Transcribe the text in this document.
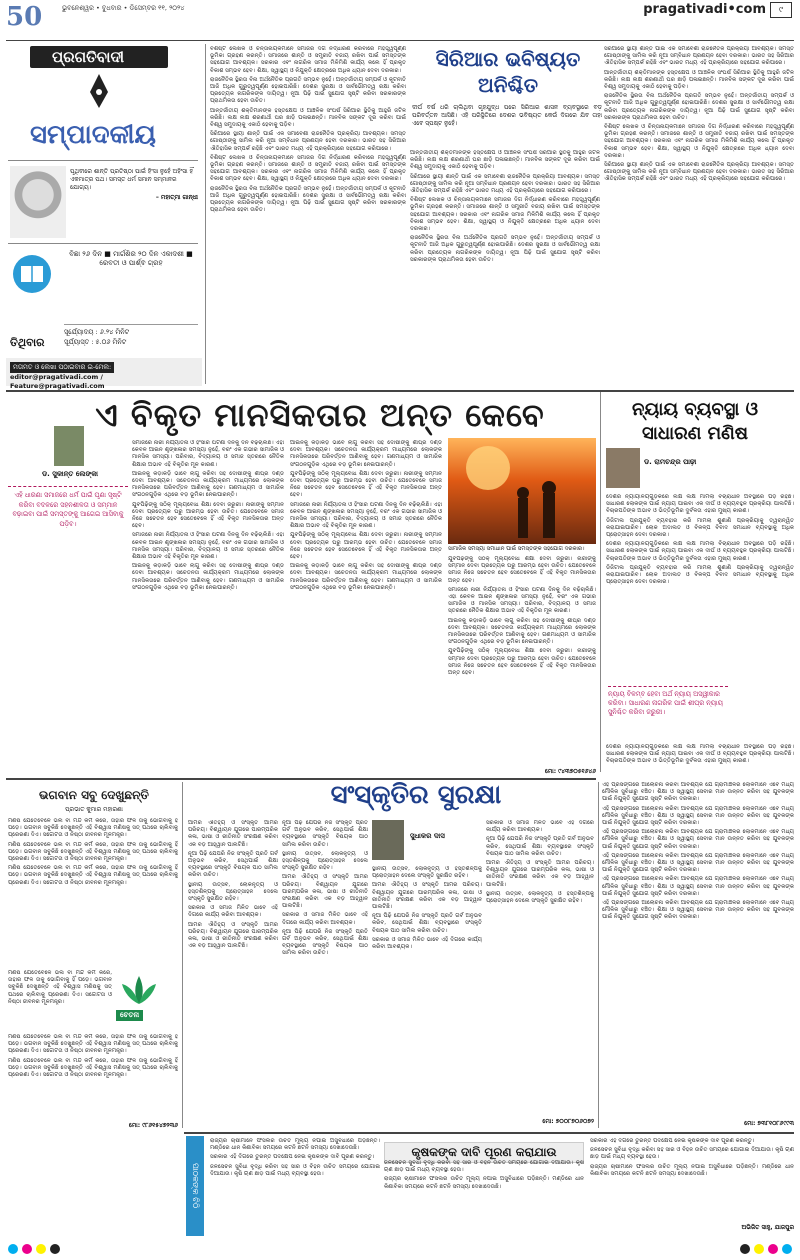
50	ଭୁବନେଶ୍ୱର • ବୁଧବାର • ଡିସେମ୍ବର ୧୧, ୨୦୨୪	pragativadi•com	୯
ପ୍ରଗତିବାଦୀ
ସମ୍ପାଦକୀୟ
ପୃଥିବୀରେ ଶାନ୍ତି ପ୍ରତିଷ୍ଠା ପାଇଁ ହିଂସା ନୁହେଁ ଅହିଂସା ହିଁ ଏକମାତ୍ର ପଥ। ସମସ୍ତ ଧର୍ମ ସମାନ ସମ୍ମାନର ଯୋଗ୍ୟ।
– ମହାତ୍ମା ଗାନ୍ଧୀ
ତିଥିବାର
ବିଛା ୨୬ ଦିନ ■ ମାର୍ଗଶିର ୨୦ ଦିନ ଏକାଦଶୀ ■ ରେବତୀ ଓ ପାର୍ଶ୍ଵ ଗ୍ରହ
ସୂର୍ଯ୍ୟୋଦୟ : ୬.୨୪ ମିନିଟ
ସୂର୍ଯ୍ୟାସ୍ତ : ୫.୦୬ ମିନିଟ
ମତାମତ ଓ ଲେଖା ପଠାଇବାର ଇ-ମେଲ:
editor@pragativadi.com / Feature@pragativadi.com

ବିଶିଷ୍ଟ ଲେଖକ ଓ ଚିନ୍ତାନାୟକମାନେ ସମାଜର ଦିଗ ନିର୍ଦ୍ଧାରଣ କରିବାରେ ମହତ୍ତ୍ୱପୂର୍ଣ୍ଣ ଭୂମିକା ଗ୍ରହଣ କରନ୍ତି। ସମାଜରେ ଶାନ୍ତି ଓ ସମ୍ପ୍ରୀତି ବଜାୟ ରଖିବା ପାଇଁ ସମସ୍ତଙ୍କ ସହଯୋଗ ଆବଶ୍ୟକ। ସରକାର ଏବଂ ନାଗରିକ ସମାଜ ମିଳିମିଶି କାର୍ଯ୍ୟ କଲେ ହିଁ ପ୍ରକୃତ ବିକାଶ ସମ୍ଭବ ହେବ। ଶିକ୍ଷା, ସ୍ୱାସ୍ଥ୍ୟ ଓ ନିଯୁକ୍ତି କ୍ଷେତ୍ରରେ ଅଧିକ ଧ୍ୟାନ ଦେବା ଦରକାର।

ରାଜନୈତିକ ସ୍ଥିରତା ବିନା ଅର୍ଥନୈତିକ ପ୍ରଗତି ସମ୍ଭବ ନୁହେଁ। ଅନ୍ତର୍ଜାତୀୟ ସମ୍ପର୍କ ଓ କୂଟନୀତି ଆଜି ଅଧିକ ଗୁରୁତ୍ୱପୂର୍ଣ୍ଣ ହୋଇପାରିଛି। ଦେଶର ସୁରକ୍ଷା ଓ ସାର୍ବଭୌମତ୍ୱ ରକ୍ଷା କରିବା ପ୍ରତ୍ୟେକ ନାଗରିକଙ୍କ ଦାୟିତ୍ୱ। ନୂଆ ପିଢ଼ି ପାଇଁ ସୁଯୋଗ ସୃଷ୍ଟି କରିବା ସରକାରଙ୍କ ପ୍ରାଥମିକତା ହେବା ଉଚିତ।

ଆନ୍ତର୍ଜାତୀୟ ଶକ୍ତିମାନଙ୍କ ହସ୍ତକ୍ଷେପ ଓ ଆଞ୍ଚଳିକ ସଂଘର୍ଷ ସିରିଆର ସ୍ଥିତିକୁ ଆହୁରି ଜଟିଳ କରିଛି। ଲକ୍ଷ ଲକ୍ଷ ଶରଣାର୍ଥୀ ଘର ଛାଡ଼ି ପଳାଇଛନ୍ତି। ମାନବିକ ସଙ୍କଟ ଦୂର କରିବା ପାଇଁ ବିଶ୍ୱ ସମୁଦାୟକୁ ଏକାଠି ହେବାକୁ ପଡ଼ିବ।

ସିରିଆରେ ସ୍ଥାୟୀ ଶାନ୍ତି ପାଇଁ ଏକ ସମାବେଶୀ ରାଜନୈତିକ ପ୍ରକ୍ରିୟା ଆବଶ୍ୟକ। ସମସ୍ତ ଗୋଷ୍ଠୀଙ୍କୁ ସାମିଲ କରି ନୂଆ ସମ୍ବିଧାନ ପ୍ରଣୟନ ହେବା ଦରକାର। ଭାରତ ସହ ସିରିଆର ଐତିହାସିକ ସମ୍ପର୍କ ରହିଛି ଏବଂ ଭାରତ ମଧ୍ୟ ଏହି ପ୍ରକ୍ରିୟାରେ ସହଯୋଗ କରିପାରେ।

ବିଶିଷ୍ଟ ଲେଖକ ଓ ଚିନ୍ତାନାୟକମାନେ ସମାଜର ଦିଗ ନିର୍ଦ୍ଧାରଣ କରିବାରେ ମହତ୍ତ୍ୱପୂର୍ଣ୍ଣ ଭୂମିକା ଗ୍ରହଣ କରନ୍ତି। ସମାଜରେ ଶାନ୍ତି ଓ ସମ୍ପ୍ରୀତି ବଜାୟ ରଖିବା ପାଇଁ ସମସ୍ତଙ୍କ ସହଯୋଗ ଆବଶ୍ୟକ। ସରକାର ଏବଂ ନାଗରିକ ସମାଜ ମିଳିମିଶି କାର୍ଯ୍ୟ କଲେ ହିଁ ପ୍ରକୃତ ବିକାଶ ସମ୍ଭବ ହେବ। ଶିକ୍ଷା, ସ୍ୱାସ୍ଥ୍ୟ ଓ ନିଯୁକ୍ତି କ୍ଷେତ୍ରରେ ଅଧିକ ଧ୍ୟାନ ଦେବା ଦରକାର।

ରାଜନୈତିକ ସ୍ଥିରତା ବିନା ଅର୍ଥନୈତିକ ପ୍ରଗତି ସମ୍ଭବ ନୁହେଁ। ଅନ୍ତର୍ଜାତୀୟ ସମ୍ପର୍କ ଓ କୂଟନୀତି ଆଜି ଅଧିକ ଗୁରୁତ୍ୱପୂର୍ଣ୍ଣ ହୋଇପାରିଛି। ଦେଶର ସୁରକ୍ଷା ଓ ସାର୍ବଭୌମତ୍ୱ ରକ୍ଷା କରିବା ପ୍ରତ୍ୟେକ ନାଗରିକଙ୍କ ଦାୟିତ୍ୱ। ନୂଆ ପିଢ଼ି ପାଇଁ ସୁଯୋଗ ସୃଷ୍ଟି କରିବା ସରକାରଙ୍କ ପ୍ରାଥମିକତା ହେବା ଉଚିତ।

ସିରିଆର ଭବିଷ୍ୟତ ଅନିଶ୍ଚିତ
ଦୀର୍ଘ ବର୍ଷ ଧରି ଚାଲିଥିବା ଗୃହଯୁଦ୍ଧ ପରେ ସିରିଆର ଶାସନ ବ୍ୟବସ୍ଥାରେ ବଡ଼ ପରିବର୍ତ୍ତନ ଆସିଛି। ଏହି ପରିସ୍ଥିତିରେ ଦେଶର ଭବିଷ୍ୟତ କେଉଁ ଦିଗରେ ଯିବ ତାହା ଏବେ ସ୍ପଷ୍ଟ ନୁହେଁ।

ଆନ୍ତର୍ଜାତୀୟ ଶକ୍ତିମାନଙ୍କ ହସ୍ତକ୍ଷେପ ଓ ଆଞ୍ଚଳିକ ସଂଘର୍ଷ ସିରିଆର ସ୍ଥିତିକୁ ଆହୁରି ଜଟିଳ କରିଛି। ଲକ୍ଷ ଲକ୍ଷ ଶରଣାର୍ଥୀ ଘର ଛାଡ଼ି ପଳାଇଛନ୍ତି। ମାନବିକ ସଙ୍କଟ ଦୂର କରିବା ପାଇଁ ବିଶ୍ୱ ସମୁଦାୟକୁ ଏକାଠି ହେବାକୁ ପଡ଼ିବ।

ସିରିଆରେ ସ୍ଥାୟୀ ଶାନ୍ତି ପାଇଁ ଏକ ସମାବେଶୀ ରାଜନୈତିକ ପ୍ରକ୍ରିୟା ଆବଶ୍ୟକ। ସମସ୍ତ ଗୋଷ୍ଠୀଙ୍କୁ ସାମିଲ କରି ନୂଆ ସମ୍ବିଧାନ ପ୍ରଣୟନ ହେବା ଦରକାର। ଭାରତ ସହ ସିରିଆର ଐତିହାସିକ ସମ୍ପର୍କ ରହିଛି ଏବଂ ଭାରତ ମଧ୍ୟ ଏହି ପ୍ରକ୍ରିୟାରେ ସହଯୋଗ କରିପାରେ।

ବିଶିଷ୍ଟ ଲେଖକ ଓ ଚିନ୍ତାନାୟକମାନେ ସମାଜର ଦିଗ ନିର୍ଦ୍ଧାରଣ କରିବାରେ ମହତ୍ତ୍ୱପୂର୍ଣ୍ଣ ଭୂମିକା ଗ୍ରହଣ କରନ୍ତି। ସମାଜରେ ଶାନ୍ତି ଓ ସମ୍ପ୍ରୀତି ବଜାୟ ରଖିବା ପାଇଁ ସମସ୍ତଙ୍କ ସହଯୋଗ ଆବଶ୍ୟକ। ସରକାର ଏବଂ ନାଗରିକ ସମାଜ ମିଳିମିଶି କାର୍ଯ୍ୟ କଲେ ହିଁ ପ୍ରକୃତ ବିକାଶ ସମ୍ଭବ ହେବ। ଶିକ୍ଷା, ସ୍ୱାସ୍ଥ୍ୟ ଓ ନିଯୁକ୍ତି କ୍ଷେତ୍ରରେ ଅଧିକ ଧ୍ୟାନ ଦେବା ଦରକାର।

ରାଜନୈତିକ ସ୍ଥିରତା ବିନା ଅର୍ଥନୈତିକ ପ୍ରଗତି ସମ୍ଭବ ନୁହେଁ। ଅନ୍ତର୍ଜାତୀୟ ସମ୍ପର୍କ ଓ କୂଟନୀତି ଆଜି ଅଧିକ ଗୁରୁତ୍ୱପୂର୍ଣ୍ଣ ହୋଇପାରିଛି। ଦେଶର ସୁରକ୍ଷା ଓ ସାର୍ବଭୌମତ୍ୱ ରକ୍ଷା କରିବା ପ୍ରତ୍ୟେକ ନାଗରିକଙ୍କ ଦାୟିତ୍ୱ। ନୂଆ ପିଢ଼ି ପାଇଁ ସୁଯୋଗ ସୃଷ୍ଟି କରିବା ସରକାରଙ୍କ ପ୍ରାଥମିକତା ହେବା ଉଚିତ।

ସିରିଆରେ ସ୍ଥାୟୀ ଶାନ୍ତି ପାଇଁ ଏକ ସମାବେଶୀ ରାଜନୈତିକ ପ୍ରକ୍ରିୟା ଆବଶ୍ୟକ। ସମସ୍ତ ଗୋଷ୍ଠୀଙ୍କୁ ସାମିଲ କରି ନୂଆ ସମ୍ବିଧାନ ପ୍ରଣୟନ ହେବା ଦରକାର। ଭାରତ ସହ ସିରିଆର ଐତିହାସିକ ସମ୍ପର୍କ ରହିଛି ଏବଂ ଭାରତ ମଧ୍ୟ ଏହି ପ୍ରକ୍ରିୟାରେ ସହଯୋଗ କରିପାରେ।

ଆନ୍ତର୍ଜାତୀୟ ଶକ୍ତିମାନଙ୍କ ହସ୍ତକ୍ଷେପ ଓ ଆଞ୍ଚଳିକ ସଂଘର୍ଷ ସିରିଆର ସ୍ଥିତିକୁ ଆହୁରି ଜଟିଳ କରିଛି। ଲକ୍ଷ ଲକ୍ଷ ଶରଣାର୍ଥୀ ଘର ଛାଡ଼ି ପଳାଇଛନ୍ତି। ମାନବିକ ସଙ୍କଟ ଦୂର କରିବା ପାଇଁ ବିଶ୍ୱ ସମୁଦାୟକୁ ଏକାଠି ହେବାକୁ ପଡ଼ିବ।

ରାଜନୈତିକ ସ୍ଥିରତା ବିନା ଅର୍ଥନୈତିକ ପ୍ରଗତି ସମ୍ଭବ ନୁହେଁ। ଅନ୍ତର୍ଜାତୀୟ ସମ୍ପର୍କ ଓ କୂଟନୀତି ଆଜି ଅଧିକ ଗୁରୁତ୍ୱପୂର୍ଣ୍ଣ ହୋଇପାରିଛି। ଦେଶର ସୁରକ୍ଷା ଓ ସାର୍ବଭୌମତ୍ୱ ରକ୍ଷା କରିବା ପ୍ରତ୍ୟେକ ନାଗରିକଙ୍କ ଦାୟିତ୍ୱ। ନୂଆ ପିଢ଼ି ପାଇଁ ସୁଯୋଗ ସୃଷ୍ଟି କରିବା ସରକାରଙ୍କ ପ୍ରାଥମିକତା ହେବା ଉଚିତ।

ବିଶିଷ୍ଟ ଲେଖକ ଓ ଚିନ୍ତାନାୟକମାନେ ସମାଜର ଦିଗ ନିର୍ଦ୍ଧାରଣ କରିବାରେ ମହତ୍ତ୍ୱପୂର୍ଣ୍ଣ ଭୂମିକା ଗ୍ରହଣ କରନ୍ତି। ସମାଜରେ ଶାନ୍ତି ଓ ସମ୍ପ୍ରୀତି ବଜାୟ ରଖିବା ପାଇଁ ସମସ୍ତଙ୍କ ସହଯୋଗ ଆବଶ୍ୟକ। ସରକାର ଏବଂ ନାଗରିକ ସମାଜ ମିଳିମିଶି କାର୍ଯ୍ୟ କଲେ ହିଁ ପ୍ରକୃତ ବିକାଶ ସମ୍ଭବ ହେବ। ଶିକ୍ଷା, ସ୍ୱାସ୍ଥ୍ୟ ଓ ନିଯୁକ୍ତି କ୍ଷେତ୍ରରେ ଅଧିକ ଧ୍ୟାନ ଦେବା ଦରକାର।

ସିରିଆରେ ସ୍ଥାୟୀ ଶାନ୍ତି ପାଇଁ ଏକ ସମାବେଶୀ ରାଜନୈତିକ ପ୍ରକ୍ରିୟା ଆବଶ୍ୟକ। ସମସ୍ତ ଗୋଷ୍ଠୀଙ୍କୁ ସାମିଲ କରି ନୂଆ ସମ୍ବିଧାନ ପ୍ରଣୟନ ହେବା ଦରକାର। ଭାରତ ସହ ସିରିଆର ଐତିହାସିକ ସମ୍ପର୍କ ରହିଛି ଏବଂ ଭାରତ ମଧ୍ୟ ଏହି ପ୍ରକ୍ରିୟାରେ ସହଯୋଗ କରିପାରେ।

ଏ ବିକୃତ ମାନସିକତାର ଅନ୍ତ କେବେ
ଡ. ସୁକାନ୍ତ ଲେଙ୍କା
ଏହି ଧାରଣା ସମାଜରେ ଧର୍ମ ପାଇଁ ଘୃଣା ସୃଷ୍ଟି କରିବା ବଦଳରେ ସହନଶୀଳତା ଓ ସମ୍ମାନ ବଢ଼ାଇବା ପାଇଁ ସମସ୍ତଙ୍କୁ ଆଗେଇ ଆସିବାକୁ ପଡ଼ିବ।

ସମାଜରେ ନାରୀ ନିର୍ଯ୍ୟାତନା ଓ ହିଂସାର ଘଟଣା ଦିନକୁ ଦିନ ବଢ଼ିଚାଲିଛି। ଏହା କେବଳ ଆଇନ ଶୃଙ୍ଖଳାର ସମସ୍ୟା ନୁହେଁ, ବରଂ ଏକ ଗଭୀର ସାମାଜିକ ଓ ମାନସିକ ସମସ୍ୟା। ପରିବାର, ବିଦ୍ୟାଳୟ ଓ ସମାଜ ସ୍ତରରେ ନୈତିକ ଶିକ୍ଷାର ଅଭାବ ଏହି ବିକୃତିର ମୂଳ କାରଣ।

ଆଇନକୁ କଡ଼ାକଡ଼ି ଭାବେ ଲାଗୁ କରିବା ସହ ଦୋଷୀଙ୍କୁ ଶୀଘ୍ର ଦଣ୍ଡ ଦେବା ଆବଶ୍ୟକ। ସଚେତନତା କାର୍ଯ୍ୟକ୍ରମ ମାଧ୍ୟମରେ ଲୋକଙ୍କ ମାନସିକତାରେ ପରିବର୍ତ୍ତନ ଆଣିବାକୁ ହେବ। ଗଣମାଧ୍ୟମ ଓ ସାମାଜିକ ସଂଗଠନଗୁଡ଼ିକ ଏଥିରେ ବଡ଼ ଭୂମିକା ନେଇପାରନ୍ତି।

ଯୁବପିଢ଼ିଙ୍କୁ ସଠିକ୍ ମୂଲ୍ୟବୋଧ ଶିକ୍ଷା ଦେବା ଜରୁରୀ। ନାରୀଙ୍କୁ ସମ୍ମାନ ଦେବା ପ୍ରତ୍ୟେକ ଘରୁ ଆରମ୍ଭ ହେବା ଉଚିତ। ଯେତେବେଳେ ସମାଜ ନିଜେ ସଚେତନ ହେବ ସେତେବେଳେ ହିଁ ଏହି ବିକୃତ ମାନସିକତାର ଅନ୍ତ ହେବ।

ସମାଜରେ ନାରୀ ନିର୍ଯ୍ୟାତନା ଓ ହିଂସାର ଘଟଣା ଦିନକୁ ଦିନ ବଢ଼ିଚାଲିଛି। ଏହା କେବଳ ଆଇନ ଶୃଙ୍ଖଳାର ସମସ୍ୟା ନୁହେଁ, ବରଂ ଏକ ଗଭୀର ସାମାଜିକ ଓ ମାନସିକ ସମସ୍ୟା। ପରିବାର, ବିଦ୍ୟାଳୟ ଓ ସମାଜ ସ୍ତରରେ ନୈତିକ ଶିକ୍ଷାର ଅଭାବ ଏହି ବିକୃତିର ମୂଳ କାରଣ।

ଆଇନକୁ କଡ଼ାକଡ଼ି ଭାବେ ଲାଗୁ କରିବା ସହ ଦୋଷୀଙ୍କୁ ଶୀଘ୍ର ଦଣ୍ଡ ଦେବା ଆବଶ୍ୟକ। ସଚେତନତା କାର୍ଯ୍ୟକ୍ରମ ମାଧ୍ୟମରେ ଲୋକଙ୍କ ମାନସିକତାରେ ପରିବର୍ତ୍ତନ ଆଣିବାକୁ ହେବ। ଗଣମାଧ୍ୟମ ଓ ସାମାଜିକ ସଂଗଠନଗୁଡ଼ିକ ଏଥିରେ ବଡ଼ ଭୂମିକା ନେଇପାରନ୍ତି।

ଆଇନକୁ କଡ଼ାକଡ଼ି ଭାବେ ଲାଗୁ କରିବା ସହ ଦୋଷୀଙ୍କୁ ଶୀଘ୍ର ଦଣ୍ଡ ଦେବା ଆବଶ୍ୟକ। ସଚେତନତା କାର୍ଯ୍ୟକ୍ରମ ମାଧ୍ୟମରେ ଲୋକଙ୍କ ମାନସିକତାରେ ପରିବର୍ତ୍ତନ ଆଣିବାକୁ ହେବ। ଗଣମାଧ୍ୟମ ଓ ସାମାଜିକ ସଂଗଠନଗୁଡ଼ିକ ଏଥିରେ ବଡ଼ ଭୂମିକା ନେଇପାରନ୍ତି।

ଯୁବପିଢ଼ିଙ୍କୁ ସଠିକ୍ ମୂଲ୍ୟବୋଧ ଶିକ୍ଷା ଦେବା ଜରୁରୀ। ନାରୀଙ୍କୁ ସମ୍ମାନ ଦେବା ପ୍ରତ୍ୟେକ ଘରୁ ଆରମ୍ଭ ହେବା ଉଚିତ। ଯେତେବେଳେ ସମାଜ ନିଜେ ସଚେତନ ହେବ ସେତେବେଳେ ହିଁ ଏହି ବିକୃତ ମାନସିକତାର ଅନ୍ତ ହେବ।

ସମାଜରେ ନାରୀ ନିର୍ଯ୍ୟାତନା ଓ ହିଂସାର ଘଟଣା ଦିନକୁ ଦିନ ବଢ଼ିଚାଲିଛି। ଏହା କେବଳ ଆଇନ ଶୃଙ୍ଖଳାର ସମସ୍ୟା ନୁହେଁ, ବରଂ ଏକ ଗଭୀର ସାମାଜିକ ଓ ମାନସିକ ସମସ୍ୟା। ପରିବାର, ବିଦ୍ୟାଳୟ ଓ ସମାଜ ସ୍ତରରେ ନୈତିକ ଶିକ୍ଷାର ଅଭାବ ଏହି ବିକୃତିର ମୂଳ କାରଣ।

ଯୁବପିଢ଼ିଙ୍କୁ ସଠିକ୍ ମୂଲ୍ୟବୋଧ ଶିକ୍ଷା ଦେବା ଜରୁରୀ। ନାରୀଙ୍କୁ ସମ୍ମାନ ଦେବା ପ୍ରତ୍ୟେକ ଘରୁ ଆରମ୍ଭ ହେବା ଉଚିତ। ଯେତେବେଳେ ସମାଜ ନିଜେ ସଚେତନ ହେବ ସେତେବେଳେ ହିଁ ଏହି ବିକୃତ ମାନସିକତାର ଅନ୍ତ ହେବ।

ଆଇନକୁ କଡ଼ାକଡ଼ି ଭାବେ ଲାଗୁ କରିବା ସହ ଦୋଷୀଙ୍କୁ ଶୀଘ୍ର ଦଣ୍ଡ ଦେବା ଆବଶ୍ୟକ। ସଚେତନତା କାର୍ଯ୍ୟକ୍ରମ ମାଧ୍ୟମରେ ଲୋକଙ୍କ ମାନସିକତାରେ ପରିବର୍ତ୍ତନ ଆଣିବାକୁ ହେବ। ଗଣମାଧ୍ୟମ ଓ ସାମାଜିକ ସଂଗଠନଗୁଡ଼ିକ ଏଥିରେ ବଡ଼ ଭୂମିକା ନେଇପାରନ୍ତି।

ସାମାଜିକ ସମସ୍ୟା ସମାଧାନ ପାଇଁ ସମସ୍ତଙ୍କ ସହଯୋଗ ଦରକାର।

ଯୁବପିଢ଼ିଙ୍କୁ ସଠିକ୍ ମୂଲ୍ୟବୋଧ ଶିକ୍ଷା ଦେବା ଜରୁରୀ। ନାରୀଙ୍କୁ ସମ୍ମାନ ଦେବା ପ୍ରତ୍ୟେକ ଘରୁ ଆରମ୍ଭ ହେବା ଉଚିତ। ଯେତେବେଳେ ସମାଜ ନିଜେ ସଚେତନ ହେବ ସେତେବେଳେ ହିଁ ଏହି ବିକୃତ ମାନସିକତାର ଅନ୍ତ ହେବ।

ସମାଜରେ ନାରୀ ନିର୍ଯ୍ୟାତନା ଓ ହିଂସାର ଘଟଣା ଦିନକୁ ଦିନ ବଢ଼ିଚାଲିଛି। ଏହା କେବଳ ଆଇନ ଶୃଙ୍ଖଳାର ସମସ୍ୟା ନୁହେଁ, ବରଂ ଏକ ଗଭୀର ସାମାଜିକ ଓ ମାନସିକ ସମସ୍ୟା। ପରିବାର, ବିଦ୍ୟାଳୟ ଓ ସମାଜ ସ୍ତରରେ ନୈତିକ ଶିକ୍ଷାର ଅଭାବ ଏହି ବିକୃତିର ମୂଳ କାରଣ।

ଆଇନକୁ କଡ଼ାକଡ଼ି ଭାବେ ଲାଗୁ କରିବା ସହ ଦୋଷୀଙ୍କୁ ଶୀଘ୍ର ଦଣ୍ଡ ଦେବା ଆବଶ୍ୟକ। ସଚେତନତା କାର୍ଯ୍ୟକ୍ରମ ମାଧ୍ୟମରେ ଲୋକଙ୍କ ମାନସିକତାରେ ପରିବର୍ତ୍ତନ ଆଣିବାକୁ ହେବ। ଗଣମାଧ୍ୟମ ଓ ସାମାଜିକ ସଂଗଠନଗୁଡ଼ିକ ଏଥିରେ ବଡ଼ ଭୂମିକା ନେଇପାରନ୍ତି।

ଯୁବପିଢ଼ିଙ୍କୁ ସଠିକ୍ ମୂଲ୍ୟବୋଧ ଶିକ୍ଷା ଦେବା ଜରୁରୀ। ନାରୀଙ୍କୁ ସମ୍ମାନ ଦେବା ପ୍ରତ୍ୟେକ ଘରୁ ଆରମ୍ଭ ହେବା ଉଚିତ। ଯେତେବେଳେ ସମାଜ ନିଜେ ସଚେତନ ହେବ ସେତେବେଳେ ହିଁ ଏହି ବିକୃତ ମାନସିକତାର ଅନ୍ତ ହେବ।

ମୋ: ୯୪୩୭୦୫୧୬୪୬
ନ୍ୟାୟ ବ୍ୟବସ୍ଥା ଓ ସାଧାରଣ ମଣିଷ
ଡ. ରାମଚନ୍ଦ୍ର ପାଢ଼ୀ

ଦେଶର ନ୍ୟାୟାଳୟଗୁଡ଼ିକରେ ଲକ୍ଷ ଲକ୍ଷ ମାମଲା ବିଚାରାଧୀନ ଅବସ୍ଥାରେ ପଡ଼ି ରହିଛି। ସାଧାରଣ ଲୋକଙ୍କ ପାଇଁ ନ୍ୟାୟ ପାଇବା ଏକ ଦୀର୍ଘ ଓ ବ୍ୟୟବହୁଳ ପ୍ରକ୍ରିୟା ପାଲଟିଛି। ବିଚାରପତିଙ୍କ ଅଭାବ ଓ ଭିତ୍ତିଭୂମିର ଦୁର୍ବଳତା ଏହାର ମୁଖ୍ୟ କାରଣ।

ଡିଜିଟାଲ ପ୍ରଯୁକ୍ତି ବ୍ୟବହାର କରି ମାମଲା ଶୁଣାଣି ପ୍ରକ୍ରିୟାକୁ ତ୍ୱରାନ୍ୱିତ କରାଯାଇପାରିବ। ଲୋକ ଅଦାଲତ ଓ ବିକଳ୍ପ ବିବାଦ ସମାଧାନ ବ୍ୟବସ୍ଥାକୁ ଅଧିକ ପ୍ରୋତ୍ସାହନ ଦେବା ଦରକାର।

ଦେଶର ନ୍ୟାୟାଳୟଗୁଡ଼ିକରେ ଲକ୍ଷ ଲକ୍ଷ ମାମଲା ବିଚାରାଧୀନ ଅବସ୍ଥାରେ ପଡ଼ି ରହିଛି। ସାଧାରଣ ଲୋକଙ୍କ ପାଇଁ ନ୍ୟାୟ ପାଇବା ଏକ ଦୀର୍ଘ ଓ ବ୍ୟୟବହୁଳ ପ୍ରକ୍ରିୟା ପାଲଟିଛି। ବିଚାରପତିଙ୍କ ଅଭାବ ଓ ଭିତ୍ତିଭୂମିର ଦୁର୍ବଳତା ଏହାର ମୁଖ୍ୟ କାରଣ।

ଡିଜିଟାଲ ପ୍ରଯୁକ୍ତି ବ୍ୟବହାର କରି ମାମଲା ଶୁଣାଣି ପ୍ରକ୍ରିୟାକୁ ତ୍ୱରାନ୍ୱିତ କରାଯାଇପାରିବ। ଲୋକ ଅଦାଲତ ଓ ବିକଳ୍ପ ବିବାଦ ସମାଧାନ ବ୍ୟବସ୍ଥାକୁ ଅଧିକ ପ୍ରୋତ୍ସାହନ ଦେବା ଦରକାର।

ନ୍ୟାୟ ବିଳମ୍ବ ହେବା ଅର୍ଥ ନ୍ୟାୟ ଅସ୍ୱୀକାର କରିବା। ସାଧାରଣ ନାଗରିକ ପାଇଁ ଶୀଘ୍ର ନ୍ୟାୟ ସୁନିଶ୍ଚିତ କରିବା ଜରୁରୀ।

ଦେଶର ନ୍ୟାୟାଳୟଗୁଡ଼ିକରେ ଲକ୍ଷ ଲକ୍ଷ ମାମଲା ବିଚାରାଧୀନ ଅବସ୍ଥାରେ ପଡ଼ି ରହିଛି। ସାଧାରଣ ଲୋକଙ୍କ ପାଇଁ ନ୍ୟାୟ ପାଇବା ଏକ ଦୀର୍ଘ ଓ ବ୍ୟୟବହୁଳ ପ୍ରକ୍ରିୟା ପାଲଟିଛି। ବିଚାରପତିଙ୍କ ଅଭାବ ଓ ଭିତ୍ତିଭୂମିର ଦୁର୍ବଳତା ଏହାର ମୁଖ୍ୟ କାରଣ।

ଭଗବାନ ସବୁ ଦେଖୁଛନ୍ତି
ପ୍ରଭାତ କୁମାର ମହାରଣା

ମଣିଷ ଯେତେବେଳେ ଭଲ ବା ମନ୍ଦ କର୍ମ କରେ, ତାହାର ଫଳ ତାକୁ ଭୋଗିବାକୁ ହିଁ ପଡ଼େ। ଭଗବାନ ସବୁକିଛି ଦେଖୁଛନ୍ତି ଏହି ବିଶ୍ୱାସ ମଣିଷକୁ ସତ୍ ପଥରେ ଚାଲିବାକୁ ପ୍ରେରଣା ଦିଏ। ସଚ୍ଚୋଟତା ଓ ନିଷ୍ଠା ଜୀବନର ମୂଳମନ୍ତ୍ର।

ମଣିଷ ଯେତେବେଳେ ଭଲ ବା ମନ୍ଦ କର୍ମ କରେ, ତାହାର ଫଳ ତାକୁ ଭୋଗିବାକୁ ହିଁ ପଡ଼େ। ଭଗବାନ ସବୁକିଛି ଦେଖୁଛନ୍ତି ଏହି ବିଶ୍ୱାସ ମଣିଷକୁ ସତ୍ ପଥରେ ଚାଲିବାକୁ ପ୍ରେରଣା ଦିଏ। ସଚ୍ଚୋଟତା ଓ ନିଷ୍ଠା ଜୀବନର ମୂଳମନ୍ତ୍ର।

ମଣିଷ ଯେତେବେଳେ ଭଲ ବା ମନ୍ଦ କର୍ମ କରେ, ତାହାର ଫଳ ତାକୁ ଭୋଗିବାକୁ ହିଁ ପଡ଼େ। ଭଗବାନ ସବୁକିଛି ଦେଖୁଛନ୍ତି ଏହି ବିଶ୍ୱାସ ମଣିଷକୁ ସତ୍ ପଥରେ ଚାଲିବାକୁ ପ୍ରେରଣା ଦିଏ। ସଚ୍ଚୋଟତା ଓ ନିଷ୍ଠା ଜୀବନର ମୂଳମନ୍ତ୍ର।

ମଣିଷ ଯେତେବେଳେ ଭଲ ବା ମନ୍ଦ କର୍ମ କରେ, ତାହାର ଫଳ ତାକୁ ଭୋଗିବାକୁ ହିଁ ପଡ଼େ। ଭଗବାନ ସବୁକିଛି ଦେଖୁଛନ୍ତି ଏହି ବିଶ୍ୱାସ ମଣିଷକୁ ସତ୍ ପଥରେ ଚାଲିବାକୁ ପ୍ରେରଣା ଦିଏ। ସଚ୍ଚୋଟତା ଓ ନିଷ୍ଠା ଜୀବନର ମୂଳମନ୍ତ୍ର।

ଚେତନା

ମଣିଷ ଯେତେବେଳେ ଭଲ ବା ମନ୍ଦ କର୍ମ କରେ, ତାହାର ଫଳ ତାକୁ ଭୋଗିବାକୁ ହିଁ ପଡ଼େ। ଭଗବାନ ସବୁକିଛି ଦେଖୁଛନ୍ତି ଏହି ବିଶ୍ୱାସ ମଣିଷକୁ ସତ୍ ପଥରେ ଚାଲିବାକୁ ପ୍ରେରଣା ଦିଏ। ସଚ୍ଚୋଟତା ଓ ନିଷ୍ଠା ଜୀବନର ମୂଳମନ୍ତ୍ର।

ମଣିଷ ଯେତେବେଳେ ଭଲ ବା ମନ୍ଦ କର୍ମ କରେ, ତାହାର ଫଳ ତାକୁ ଭୋଗିବାକୁ ହିଁ ପଡ଼େ। ଭଗବାନ ସବୁକିଛି ଦେଖୁଛନ୍ତି ଏହି ବିଶ୍ୱାସ ମଣିଷକୁ ସତ୍ ପଥରେ ଚାଲିବାକୁ ପ୍ରେରଣା ଦିଏ। ସଚ୍ଚୋଟତା ଓ ନିଷ୍ଠା ଜୀବନର ମୂଳମନ୍ତ୍ର।

ମୋ: ୯୮୬୧୫୪୭୨୩୬
ସଂସ୍କୃତିର ସୁରକ୍ଷା
ସୁଧାକର ଦାସ

ଆମର ଐତିହ୍ୟ ଓ ସଂସ୍କୃତି ଆମର ପରିଚୟ। ବିଶ୍ୱାୟନ ଯୁଗରେ ପାରମ୍ପରିକ କଳା, ଭାଷା ଓ ରୀତିନୀତି ସଂରକ୍ଷଣ କରିବା ଏକ ବଡ଼ ଆହ୍ୱାନ ପାଲଟିଛି।

ନୂଆ ପିଢ଼ି ଯେପରି ନିଜ ସଂସ୍କୃତି ପ୍ରତି ଗର୍ବ ଅନୁଭବ କରିବ, ସେଥିପାଇଁ ଶିକ୍ଷା ବ୍ୟବସ୍ଥାରେ ସଂସ୍କୃତି ବିଷୟକ ପାଠ ସାମିଲ କରିବା ଉଚିତ।

ସ୍ଥାନୀୟ ଉତ୍ସବ, ଲୋକନୃତ୍ୟ ଓ ହସ୍ତଶିଳ୍ପକୁ ପ୍ରୋତ୍ସାହନ ଦେଲେ ସଂସ୍କୃତି ସୁରକ୍ଷିତ ରହିବ।

ସରକାର ଓ ସମାଜ ମିଳିତ ଭାବେ ଏହି ଦିଗରେ କାର୍ଯ୍ୟ କରିବା ଆବଶ୍ୟକ।

ଆମର ଐତିହ୍ୟ ଓ ସଂସ୍କୃତି ଆମର ପରିଚୟ। ବିଶ୍ୱାୟନ ଯୁଗରେ ପାରମ୍ପରିକ କଳା, ଭାଷା ଓ ରୀତିନୀତି ସଂରକ୍ଷଣ କରିବା ଏକ ବଡ଼ ଆହ୍ୱାନ ପାଲଟିଛି।

ନୂଆ ପିଢ଼ି ଯେପରି ନିଜ ସଂସ୍କୃତି ପ୍ରତି ଗର୍ବ ଅନୁଭବ କରିବ, ସେଥିପାଇଁ ଶିକ୍ଷା ବ୍ୟବସ୍ଥାରେ ସଂସ୍କୃତି ବିଷୟକ ପାଠ ସାମିଲ କରିବା ଉଚିତ।

ସ୍ଥାନୀୟ ଉତ୍ସବ, ଲୋକନୃତ୍ୟ ଓ ହସ୍ତଶିଳ୍ପକୁ ପ୍ରୋତ୍ସାହନ ଦେଲେ ସଂସ୍କୃତି ସୁରକ୍ଷିତ ରହିବ।

ଆମର ଐତିହ୍ୟ ଓ ସଂସ୍କୃତି ଆମର ପରିଚୟ। ବିଶ୍ୱାୟନ ଯୁଗରେ ପାରମ୍ପରିକ କଳା, ଭାଷା ଓ ରୀତିନୀତି ସଂରକ୍ଷଣ କରିବା ଏକ ବଡ଼ ଆହ୍ୱାନ ପାଲଟିଛି।

ସରକାର ଓ ସମାଜ ମିଳିତ ଭାବେ ଏହି ଦିଗରେ କାର୍ଯ୍ୟ କରିବା ଆବଶ୍ୟକ।

ନୂଆ ପିଢ଼ି ଯେପରି ନିଜ ସଂସ୍କୃତି ପ୍ରତି ଗର୍ବ ଅନୁଭବ କରିବ, ସେଥିପାଇଁ ଶିକ୍ଷା ବ୍ୟବସ୍ଥାରେ ସଂସ୍କୃତି ବିଷୟକ ପାଠ ସାମିଲ କରିବା ଉଚିତ।

ସ୍ଥାନୀୟ ଉତ୍ସବ, ଲୋକନୃତ୍ୟ ଓ ହସ୍ତଶିଳ୍ପକୁ ପ୍ରୋତ୍ସାହନ ଦେଲେ ସଂସ୍କୃତି ସୁରକ୍ଷିତ ରହିବ।

ଆମର ଐତିହ୍ୟ ଓ ସଂସ୍କୃତି ଆମର ପରିଚୟ। ବିଶ୍ୱାୟନ ଯୁଗରେ ପାରମ୍ପରିକ କଳା, ଭାଷା ଓ ରୀତିନୀତି ସଂରକ୍ଷଣ କରିବା ଏକ ବଡ଼ ଆହ୍ୱାନ ପାଲଟିଛି।

ନୂଆ ପିଢ଼ି ଯେପରି ନିଜ ସଂସ୍କୃତି ପ୍ରତି ଗର୍ବ ଅନୁଭବ କରିବ, ସେଥିପାଇଁ ଶିକ୍ଷା ବ୍ୟବସ୍ଥାରେ ସଂସ୍କୃତି ବିଷୟକ ପାଠ ସାମିଲ କରିବା ଉଚିତ।

ସରକାର ଓ ସମାଜ ମିଳିତ ଭାବେ ଏହି ଦିଗରେ କାର୍ଯ୍ୟ କରିବା ଆବଶ୍ୟକ।

ସରକାର ଓ ସମାଜ ମିଳିତ ଭାବେ ଏହି ଦିଗରେ କାର୍ଯ୍ୟ କରିବା ଆବଶ୍ୟକ।

ନୂଆ ପିଢ଼ି ଯେପରି ନିଜ ସଂସ୍କୃତି ପ୍ରତି ଗର୍ବ ଅନୁଭବ କରିବ, ସେଥିପାଇଁ ଶିକ୍ଷା ବ୍ୟବସ୍ଥାରେ ସଂସ୍କୃତି ବିଷୟକ ପାଠ ସାମିଲ କରିବା ଉଚିତ।

ଆମର ଐତିହ୍ୟ ଓ ସଂସ୍କୃତି ଆମର ପରିଚୟ। ବିଶ୍ୱାୟନ ଯୁଗରେ ପାରମ୍ପରିକ କଳା, ଭାଷା ଓ ରୀତିନୀତି ସଂରକ୍ଷଣ କରିବା ଏକ ବଡ଼ ଆହ୍ୱାନ ପାଲଟିଛି।

ସ୍ଥାନୀୟ ଉତ୍ସବ, ଲୋକନୃତ୍ୟ ଓ ହସ୍ତଶିଳ୍ପକୁ ପ୍ରୋତ୍ସାହନ ଦେଲେ ସଂସ୍କୃତି ସୁରକ୍ଷିତ ରହିବ।

ମୋ: ୭୦୦୮୭୦୬୦୭୨

ଏହି ପ୍ରସଙ୍ଗରେ ଆଲୋଚନା କରିବା ଆବଶ୍ୟକ ଯେ ଗ୍ରାମାଞ୍ଚଳର ଲୋକମାନେ ଏବେ ମଧ୍ୟ ମୌଳିକ ସୁବିଧାରୁ ବଞ୍ଚିତ। ଶିକ୍ଷା ଓ ସ୍ୱାସ୍ଥ୍ୟ ସେବାର ମାନ ଉନ୍ନତ କରିବା ସହ ଯୁବକଙ୍କ ପାଇଁ ନିଯୁକ୍ତି ସୁଯୋଗ ସୃଷ୍ଟି କରିବା ଦରକାର।

ଏହି ପ୍ରସଙ୍ଗରେ ଆଲୋଚନା କରିବା ଆବଶ୍ୟକ ଯେ ଗ୍ରାମାଞ୍ଚଳର ଲୋକମାନେ ଏବେ ମଧ୍ୟ ମୌଳିକ ସୁବିଧାରୁ ବଞ୍ଚିତ। ଶିକ୍ଷା ଓ ସ୍ୱାସ୍ଥ୍ୟ ସେବାର ମାନ ଉନ୍ନତ କରିବା ସହ ଯୁବକଙ୍କ ପାଇଁ ନିଯୁକ୍ତି ସୁଯୋଗ ସୃଷ୍ଟି କରିବା ଦରକାର।

ଏହି ପ୍ରସଙ୍ଗରେ ଆଲୋଚନା କରିବା ଆବଶ୍ୟକ ଯେ ଗ୍ରାମାଞ୍ଚଳର ଲୋକମାନେ ଏବେ ମଧ୍ୟ ମୌଳିକ ସୁବିଧାରୁ ବଞ୍ଚିତ। ଶିକ୍ଷା ଓ ସ୍ୱାସ୍ଥ୍ୟ ସେବାର ମାନ ଉନ୍ନତ କରିବା ସହ ଯୁବକଙ୍କ ପାଇଁ ନିଯୁକ୍ତି ସୁଯୋଗ ସୃଷ୍ଟି କରିବା ଦରକାର।

ଏହି ପ୍ରସଙ୍ଗରେ ଆଲୋଚନା କରିବା ଆବଶ୍ୟକ ଯେ ଗ୍ରାମାଞ୍ଚଳର ଲୋକମାନେ ଏବେ ମଧ୍ୟ ମୌଳିକ ସୁବିଧାରୁ ବଞ୍ଚିତ। ଶିକ୍ଷା ଓ ସ୍ୱାସ୍ଥ୍ୟ ସେବାର ମାନ ଉନ୍ନତ କରିବା ସହ ଯୁବକଙ୍କ ପାଇଁ ନିଯୁକ୍ତି ସୁଯୋଗ ସୃଷ୍ଟି କରିବା ଦରକାର।

ଏହି ପ୍ରସଙ୍ଗରେ ଆଲୋଚନା କରିବା ଆବଶ୍ୟକ ଯେ ଗ୍ରାମାଞ୍ଚଳର ଲୋକମାନେ ଏବେ ମଧ୍ୟ ମୌଳିକ ସୁବିଧାରୁ ବଞ୍ଚିତ। ଶିକ୍ଷା ଓ ସ୍ୱାସ୍ଥ୍ୟ ସେବାର ମାନ ଉନ୍ନତ କରିବା ସହ ଯୁବକଙ୍କ ପାଇଁ ନିଯୁକ୍ତି ସୁଯୋଗ ସୃଷ୍ଟି କରିବା ଦରକାର।

ଏହି ପ୍ରସଙ୍ଗରେ ଆଲୋଚନା କରିବା ଆବଶ୍ୟକ ଯେ ଗ୍ରାମାଞ୍ଚଳର ଲୋକମାନେ ଏବେ ମଧ୍ୟ ମୌଳିକ ସୁବିଧାରୁ ବଞ୍ଚିତ। ଶିକ୍ଷା ଓ ସ୍ୱାସ୍ଥ୍ୟ ସେବାର ମାନ ଉନ୍ନତ କରିବା ସହ ଯୁବକଙ୍କ ପାଇଁ ନିଯୁକ୍ତି ସୁଯୋଗ ସୃଷ୍ଟି କରିବା ଦରକାର।

ମୋ: ୭୩୮୧୦୮୬୯୯୩
ପାଠକଙ୍କ ଚିଠି
କୃଷକଙ୍କ ଦାବି ପୂରଣ କରାଯାଉ

ରାଜ୍ୟର ଚାଷୀମାନେ ଫସଲର ଉଚିତ ମୂଲ୍ୟ ନପାଇ ଅସୁବିଧାରେ ପଡ଼ିଛନ୍ତି। ମଣ୍ଡିରେ ଧାନ କିଣାବିକା ସମୟରେ କଟନି ଛଟନି ସମସ୍ୟା ଦେଖାଦେଉଛି।

ସରକାର ଏହି ଦିଗରେ ତୁରନ୍ତ ପଦକ୍ଷେପ ନେଇ କୃଷକଙ୍କ ଦାବି ପୂରଣ କରନ୍ତୁ।

ଜଳସେଚନ ସୁବିଧା ବୃଦ୍ଧି କରିବା ସହ ସାର ଓ ବିହନ ଉଚିତ ସମୟରେ ଯୋଗାଇ ଦିଆଯାଉ। କୃଷି ଋଣ ଛାଡ଼ ପାଇଁ ମଧ୍ୟ ବ୍ୟବସ୍ଥା ହେଉ।

ଜଳସେଚନ ସୁବିଧା ବୃଦ୍ଧି କରିବା ସହ ସାର ଓ ବିହନ ଉଚିତ ସମୟରେ ଯୋଗାଇ ଦିଆଯାଉ। କୃଷି ଋଣ ଛାଡ଼ ପାଇଁ ମଧ୍ୟ ବ୍ୟବସ୍ଥା ହେଉ।

ରାଜ୍ୟର ଚାଷୀମାନେ ଫସଲର ଉଚିତ ମୂଲ୍ୟ ନପାଇ ଅସୁବିଧାରେ ପଡ଼ିଛନ୍ତି। ମଣ୍ଡିରେ ଧାନ କିଣାବିକା ସମୟରେ କଟନି ଛଟନି ସମସ୍ୟା ଦେଖାଦେଉଛି।

ସରକାର ଏହି ଦିଗରେ ତୁରନ୍ତ ପଦକ୍ଷେପ ନେଇ କୃଷକଙ୍କ ଦାବି ପୂରଣ କରନ୍ତୁ।

ଜଳସେଚନ ସୁବିଧା ବୃଦ୍ଧି କରିବା ସହ ସାର ଓ ବିହନ ଉଚିତ ସମୟରେ ଯୋଗାଇ ଦିଆଯାଉ। କୃଷି ଋଣ ଛାଡ଼ ପାଇଁ ମଧ୍ୟ ବ୍ୟବସ୍ଥା ହେଉ।

ରାଜ୍ୟର ଚାଷୀମାନେ ଫସଲର ଉଚିତ ମୂଲ୍ୟ ନପାଇ ଅସୁବିଧାରେ ପଡ଼ିଛନ୍ତି। ମଣ୍ଡିରେ ଧାନ କିଣାବିକା ସମୟରେ କଟନି ଛଟନି ସମସ୍ୟା ଦେଖାଦେଉଛି।

ଅଭିଜିତ ସାହୁ, ଯାଜପୁର
